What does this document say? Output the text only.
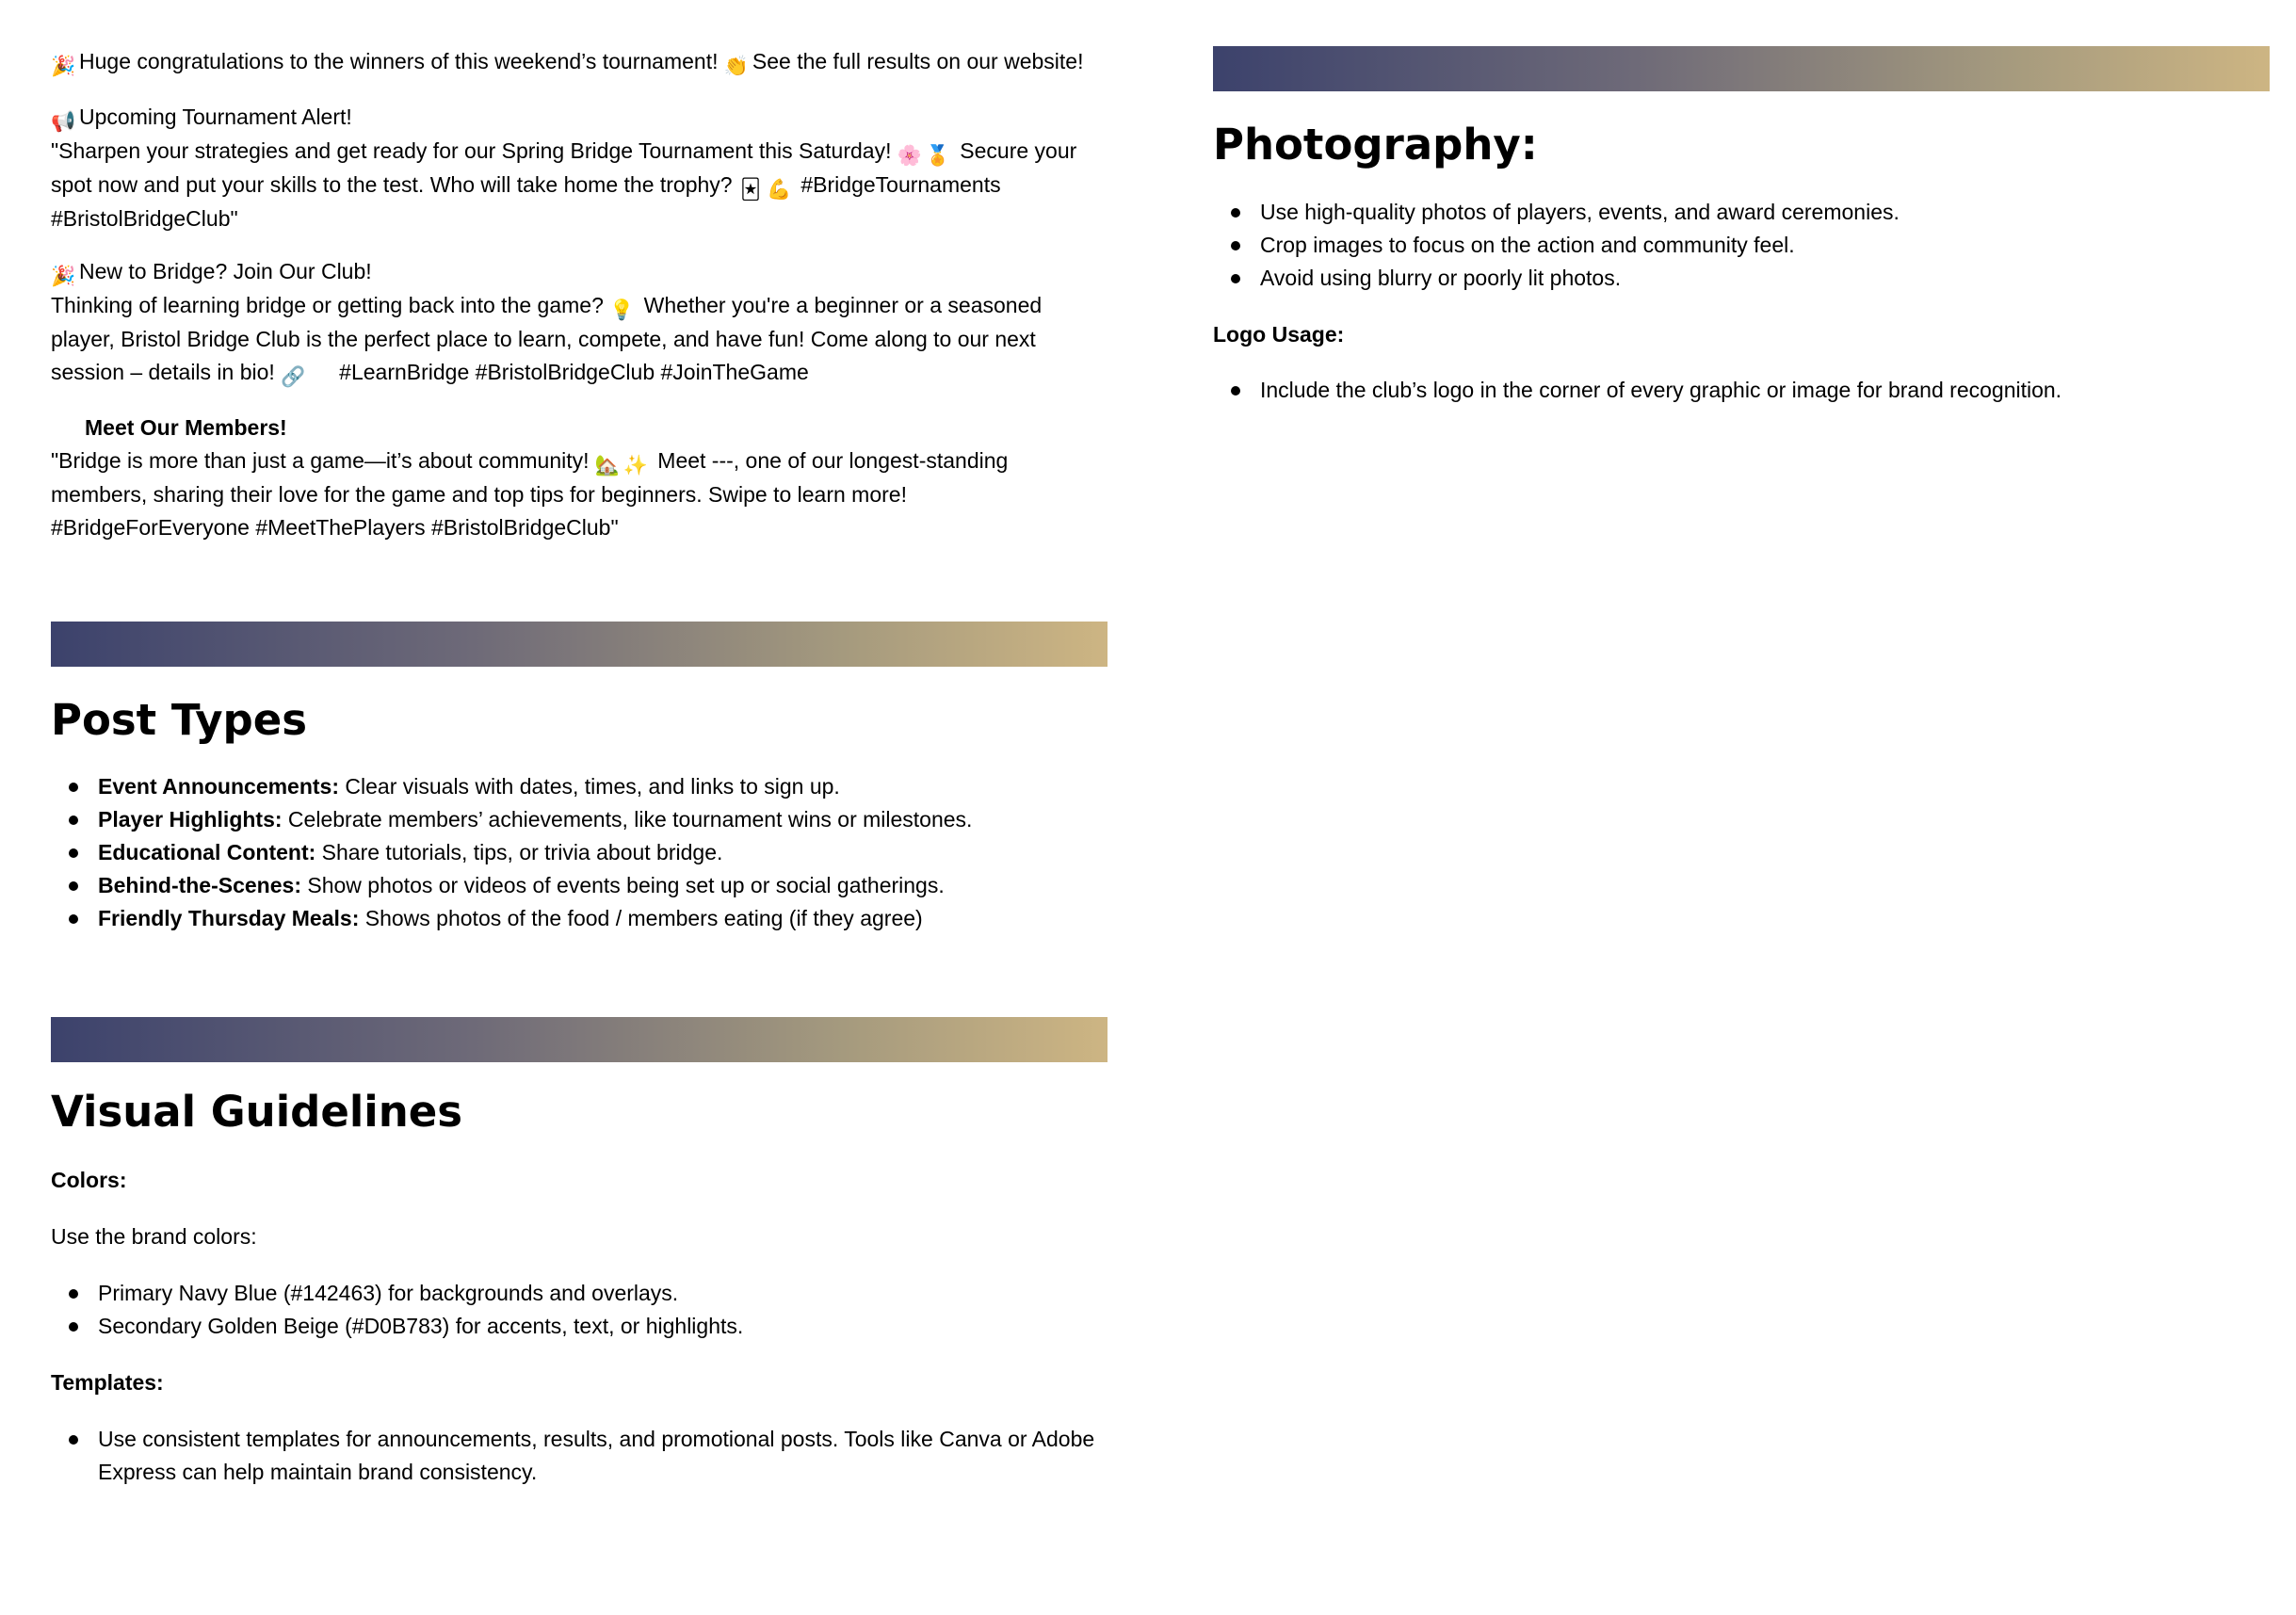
🎉 Huge congratulations to the winners of this weekend’s tournament! 👏 See the full results on our website!

📢 Upcoming Tournament Alert!
"Sharpen your strategies and get ready for our Spring Bridge Tournament this Saturday! 🌸 🏅 Secure your spot now and put your skills to the test. Who will take home the trophy? 🃏 💪 #BridgeTournaments #BristolBridgeClub"

🎉 New to Bridge? Join Our Club!
Thinking of learning bridge or getting back into the game? 💡 Whether you're a beginner or a seasoned player, Bristol Bridge Club is the perfect place to learn, compete, and have fun! Come along to our next session – details in bio! 🔗 #LearnBridge #BristolBridgeClub #JoinTheGame

Meet Our Members!
"Bridge is more than just a game—it’s about community! 🏡 ✨ Meet ---, one of our longest-standing members, sharing their love for the game and top tips for beginners. Swipe to learn more! #BridgeForEveryone #MeetThePlayers #BristolBridgeClub"

Post Types
Event Announcements: Clear visuals with dates, times, and links to sign up.
Player Highlights: Celebrate members’ achievements, like tournament wins or milestones.
Educational Content: Share tutorials, tips, or trivia about bridge.
Behind-the-Scenes: Show photos or videos of events being set up or social gatherings.
Friendly Thursday Meals: Shows photos of the food / members eating (if they agree)
Visual Guidelines
Colors:
Use the brand colors:
Primary Navy Blue (#142463) for backgrounds and overlays.
Secondary Golden Beige (#D0B783) for accents, text, or highlights.
Templates:
Use consistent templates for announcements, results, and promotional posts. Tools like Canva or Adobe Express can help maintain brand consistency.
Photography:
Use high-quality photos of players, events, and award ceremonies.
Crop images to focus on the action and community feel.
Avoid using blurry or poorly lit photos.
Logo Usage:
Include the club’s logo in the corner of every graphic or image for brand recognition.
